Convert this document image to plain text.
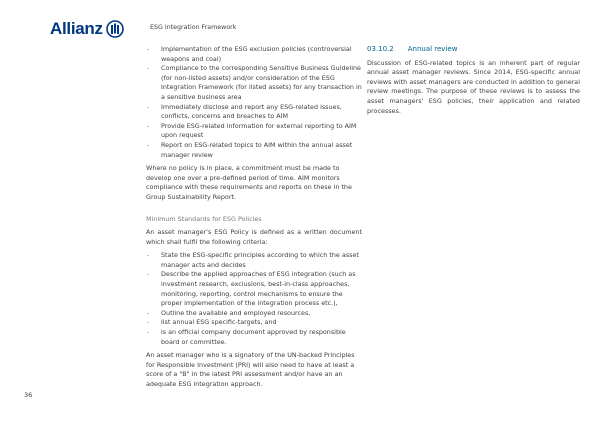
Allianz	ESG Integration Framework
- Implementation of the ESG exclusion policies (controversial weapons and coal)
- Compliance to the corresponding Sensitive Business Guideline (for non-listed assets) and/or consideration of the ESG Integration Framework (for listed assets) for any transaction in a sensitive business area
- Immediately disclose and report any ESG-related issues, conflicts, concerns and breaches to AIM
- Provide ESG-related information for external reporting to AIM upon request
- Report on ESG-related topics to AIM within the annual asset manager review

Where no policy is in place, a commitment must be made to develop one over a pre-defined period of time. AIM monitors compliance with these requirements and reports on these in the Group Sustainability Report.

Minimum Standards for ESG Policies

An asset manager's ESG Policy is defined as a written document which shall fulfil the following criteria:

- State the ESG-specific principles according to which the asset manager acts and decides
- Describe the applied approaches of ESG integration (such as investment research, exclusions, best-in-class approaches, monitoring, reporting, control mechanisms to ensure the proper implementation of the integration process etc.),
- Outline the available and employed resources,
- list annual ESG specific-targets, and
- is an official company document approved by responsible board or committee.

An asset manager who is a signatory of the UN-backed Principles for Responsible Investment (PRI) will also need to have at least a score of a "B" in the latest PRI assessment and/or have an an adequate ESG integration approach.

03.10.2 Annual review

Discussion of ESG-related topics is an inherent part of regular annual asset manager reviews. Since 2014, ESG-specific annual reviews with asset managers are conducted in addition to general review meetings. The purpose of these reviews is to assess the asset managers' ESG policies, their application and related processes.

36
